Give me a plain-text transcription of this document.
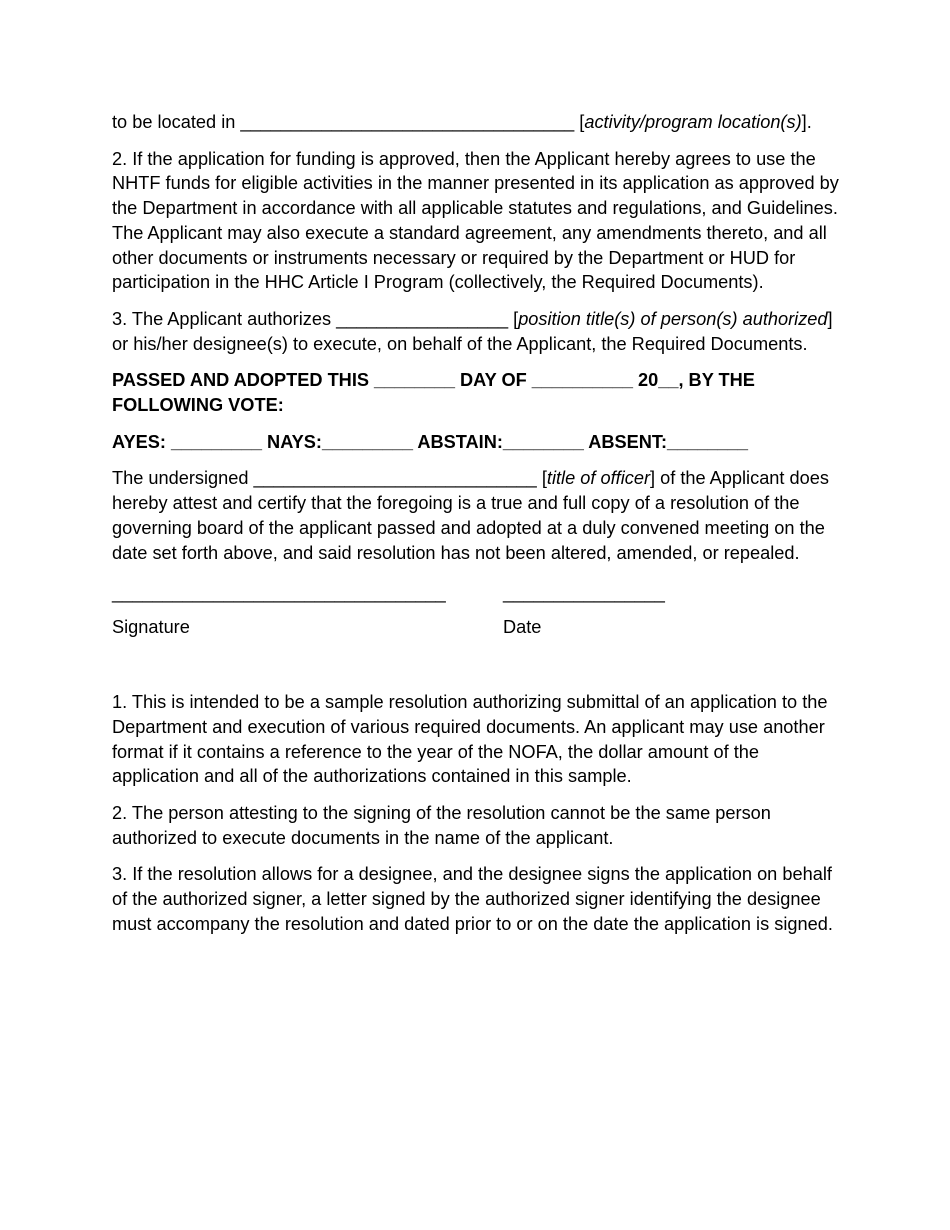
to be located in _________________________________ [activity/program location(s)].

2. If the application for funding is approved, then the Applicant hereby agrees to use the NHTF funds for eligible activities in the manner presented in its application as approved by the Department in accordance with all applicable statutes and regulations, and Guidelines. The Applicant may also execute a standard agreement, any amendments thereto, and all other documents or instruments necessary or required by the Department or HUD for participation in the HHC Article I Program (collectively, the Required Documents).

3. The Applicant authorizes _________________ [position title(s) of person(s) authorized] or his/her designee(s) to execute, on behalf of the Applicant, the Required Documents.

PASSED AND ADOPTED THIS ________ DAY OF __________ 20__, BY THE FOLLOWING VOTE:

AYES: _________ NAYS:_________ ABSTAIN:________ ABSENT:________

The undersigned ____________________________ [title of officer] of the Applicant does hereby attest and certify that the foregoing is a true and full copy of a resolution of the governing board of the applicant passed and adopted at a duly convened meeting on the date set forth above, and said resolution has not been altered, amended, or repealed.

_________________________________	________________
Signature	Date

1. This is intended to be a sample resolution authorizing submittal of an application to the Department and execution of various required documents. An applicant may use another format if it contains a reference to the year of the NOFA, the dollar amount of the application and all of the authorizations contained in this sample.

2. The person attesting to the signing of the resolution cannot be the same person authorized to execute documents in the name of the applicant.

3. If the resolution allows for a designee, and the designee signs the application on behalf of the authorized signer, a letter signed by the authorized signer identifying the designee must accompany the resolution and dated prior to or on the date the application is signed.
